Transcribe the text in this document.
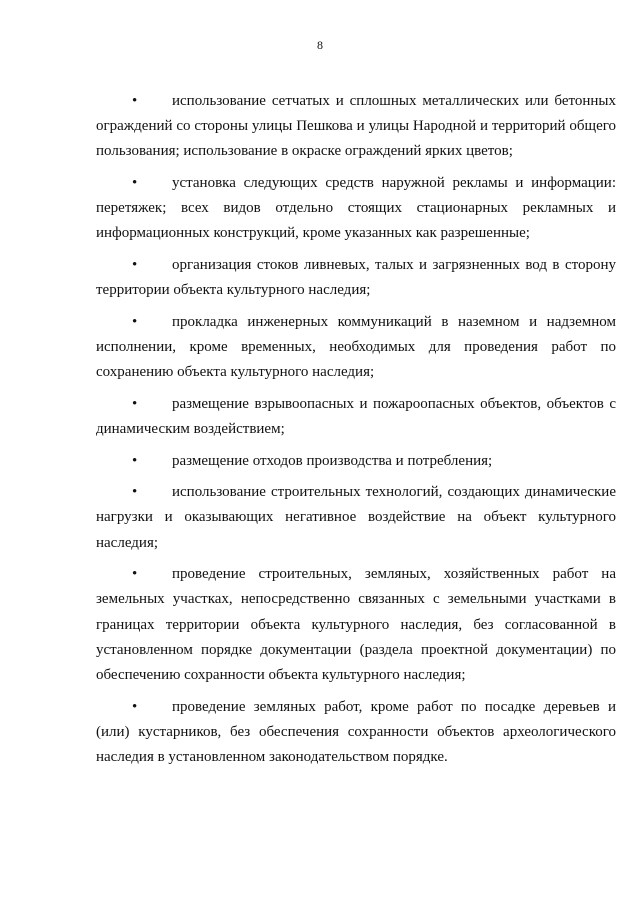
8

• использование сетчатых и сплошных металлических или бетонных ограждений со стороны улицы Пешкова и улицы Народной и территорий общего пользования; использование в окраске ограждений ярких цветов;

• установка следующих средств наружной рекламы и информации: перетяжек; всех видов отдельно стоящих стационарных рекламных и информационных конструкций, кроме указанных как разрешенные;

• организация стоков ливневых, талых и загрязненных вод в сторону территории объекта культурного наследия;

• прокладка инженерных коммуникаций в наземном и надземном исполнении, кроме временных, необходимых для проведения работ по сохранению объекта культурного наследия;

• размещение взрывоопасных и пожароопасных объектов, объектов с динамическим воздействием;

• размещение отходов производства и потребления;

• использование строительных технологий, создающих динамические нагрузки и оказывающих негативное воздействие на объект культурного наследия;

• проведение строительных, земляных, хозяйственных работ на земельных участках, непосредственно связанных с земельными участками в границах территории объекта культурного наследия, без согласованной в установленном порядке документации (раздела проектной документации) по обеспечению сохранности объекта культурного наследия;

• проведение земляных работ, кроме работ по посадке деревьев и (или) кустарников, без обеспечения сохранности объектов археологического наследия в установленном законодательством порядке.
